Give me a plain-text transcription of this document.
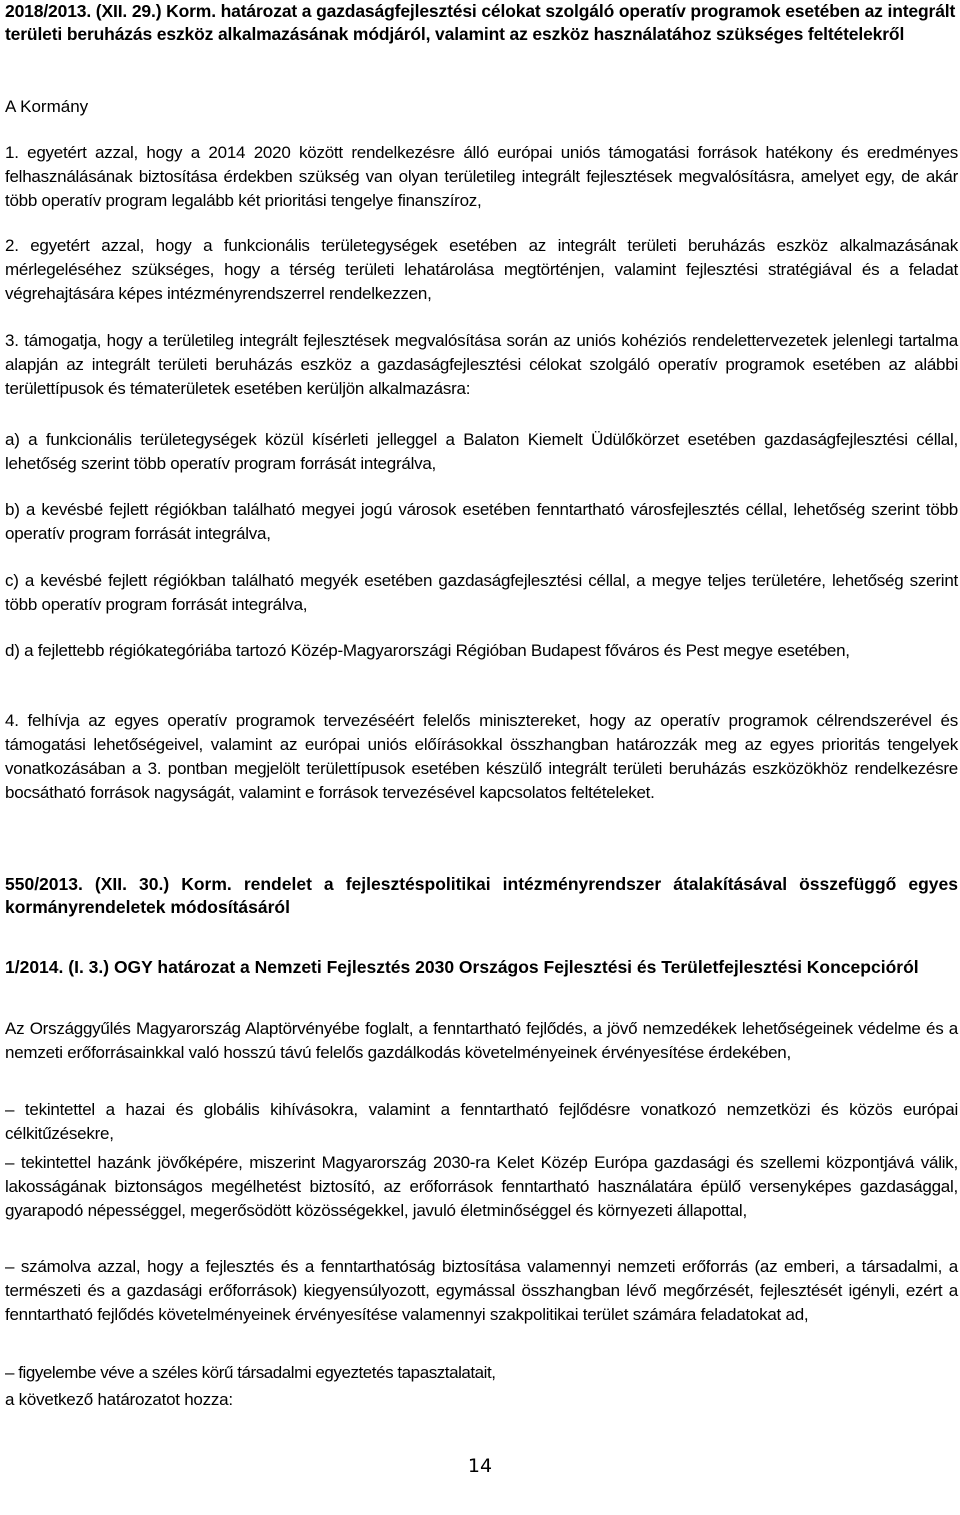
2018/2013. (XII. 29.) Korm. határozat a gazdaságfejlesztési célokat szolgáló operatív programok esetében az integrált területi beruházás eszköz alkalmazásának módjáról, valamint az eszköz használatához szükséges feltételekről
A Kormány

1. egyetért azzal, hogy a 2014 2020 között rendelkezésre álló európai uniós támogatási források hatékony és eredményes felhasználásának biztosítása érdekben szükség van olyan területileg integrált fejlesztések megvalósításra, amelyet egy, de akár több operatív program legalább két prioritási tengelye finanszíroz,

2. egyetért azzal, hogy a funkcionális területegységek esetében az integrált területi beruházás eszköz alkalmazásának mérlegeléséhez szükséges, hogy a térség területi lehatárolása megtörténjen, valamint fejlesztési stratégiával és a feladat végrehajtására képes intézményrendszerrel rendelkezzen,

3. támogatja, hogy a területileg integrált fejlesztések megvalósítása során az uniós kohéziós rendelettervezetek jelenlegi tartalma alapján az integrált területi beruházás eszköz a gazdaságfejlesztési célokat szolgáló operatív programok esetében az alábbi területtípusok és tématerületek esetében kerüljön alkalmazásra:

a) a funkcionális területegységek közül kísérleti jelleggel a Balaton Kiemelt Üdülőkörzet esetében gazdaságfejlesztési céllal, lehetőség szerint több operatív program forrását integrálva,

b) a kevésbé fejlett régiókban található megyei jogú városok esetében fenntartható városfejlesztés céllal, lehetőség szerint több operatív program forrását integrálva,

c) a kevésbé fejlett régiókban található megyék esetében gazdaságfejlesztési céllal, a megye teljes területére, lehetőség szerint több operatív program forrását integrálva,

d) a fejlettebb régiókategóriába tartozó Közép-Magyarországi Régióban Budapest főváros és Pest megye esetében,

4. felhívja az egyes operatív programok tervezéséért felelős minisztereket, hogy az operatív programok célrendszerével és támogatási lehetőségeivel, valamint az európai uniós előírásokkal összhangban határozzák meg az egyes prioritás tengelyek vonatkozásában a 3. pontban megjelölt területtípusok esetében készülő integrált területi beruházás eszközökhöz rendelkezésre bocsátható források nagyságát, valamint e források tervezésével kapcsolatos feltételeket.

550/2013. (XII. 30.) Korm. rendelet a fejlesztéspolitikai intézményrendszer átalakításával összefüggő egyes kormányrendeletek módosításáról
1/2014. (I. 3.) OGY határozat a Nemzeti Fejlesztés 2030 Országos Fejlesztési és Területfejlesztési Koncepcióról

Az Országgyűlés Magyarország Alaptörvényébe foglalt, a fenntartható fejlődés, a jövő nemzedékek lehetőségeinek védelme és a nemzeti erőforrásainkkal való hosszú távú felelős gazdálkodás követelményeinek érvényesítése érdekében,

– tekintettel a hazai és globális kihívásokra, valamint a fenntartható fejlődésre vonatkozó nemzetközi és közös európai célkitűzésekre,

– tekintettel hazánk jövőképére, miszerint Magyarország 2030-ra Kelet Közép Európa gazdasági és szellemi központjává válik, lakosságának biztonságos megélhetést biztosító, az erőforrások fenntartható használatára épülő versenyképes gazdasággal, gyarapodó népességgel, megerősödött közösségekkel, javuló életminőséggel és környezeti állapottal,

– számolva azzal, hogy a fejlesztés és a fenntarthatóság biztosítása valamennyi nemzeti erőforrás (az emberi, a társadalmi, a természeti és a gazdasági erőforrások) kiegyensúlyozott, egymással összhangban lévő megőrzését, fejlesztését igényli, ezért a fenntartható fejlődés követelményeinek érvényesítése valamennyi szakpolitikai terület számára feladatokat ad,

– figyelembe véve a széles körű társadalmi egyeztetés tapasztalatait,

a következő határozatot hozza:

14
